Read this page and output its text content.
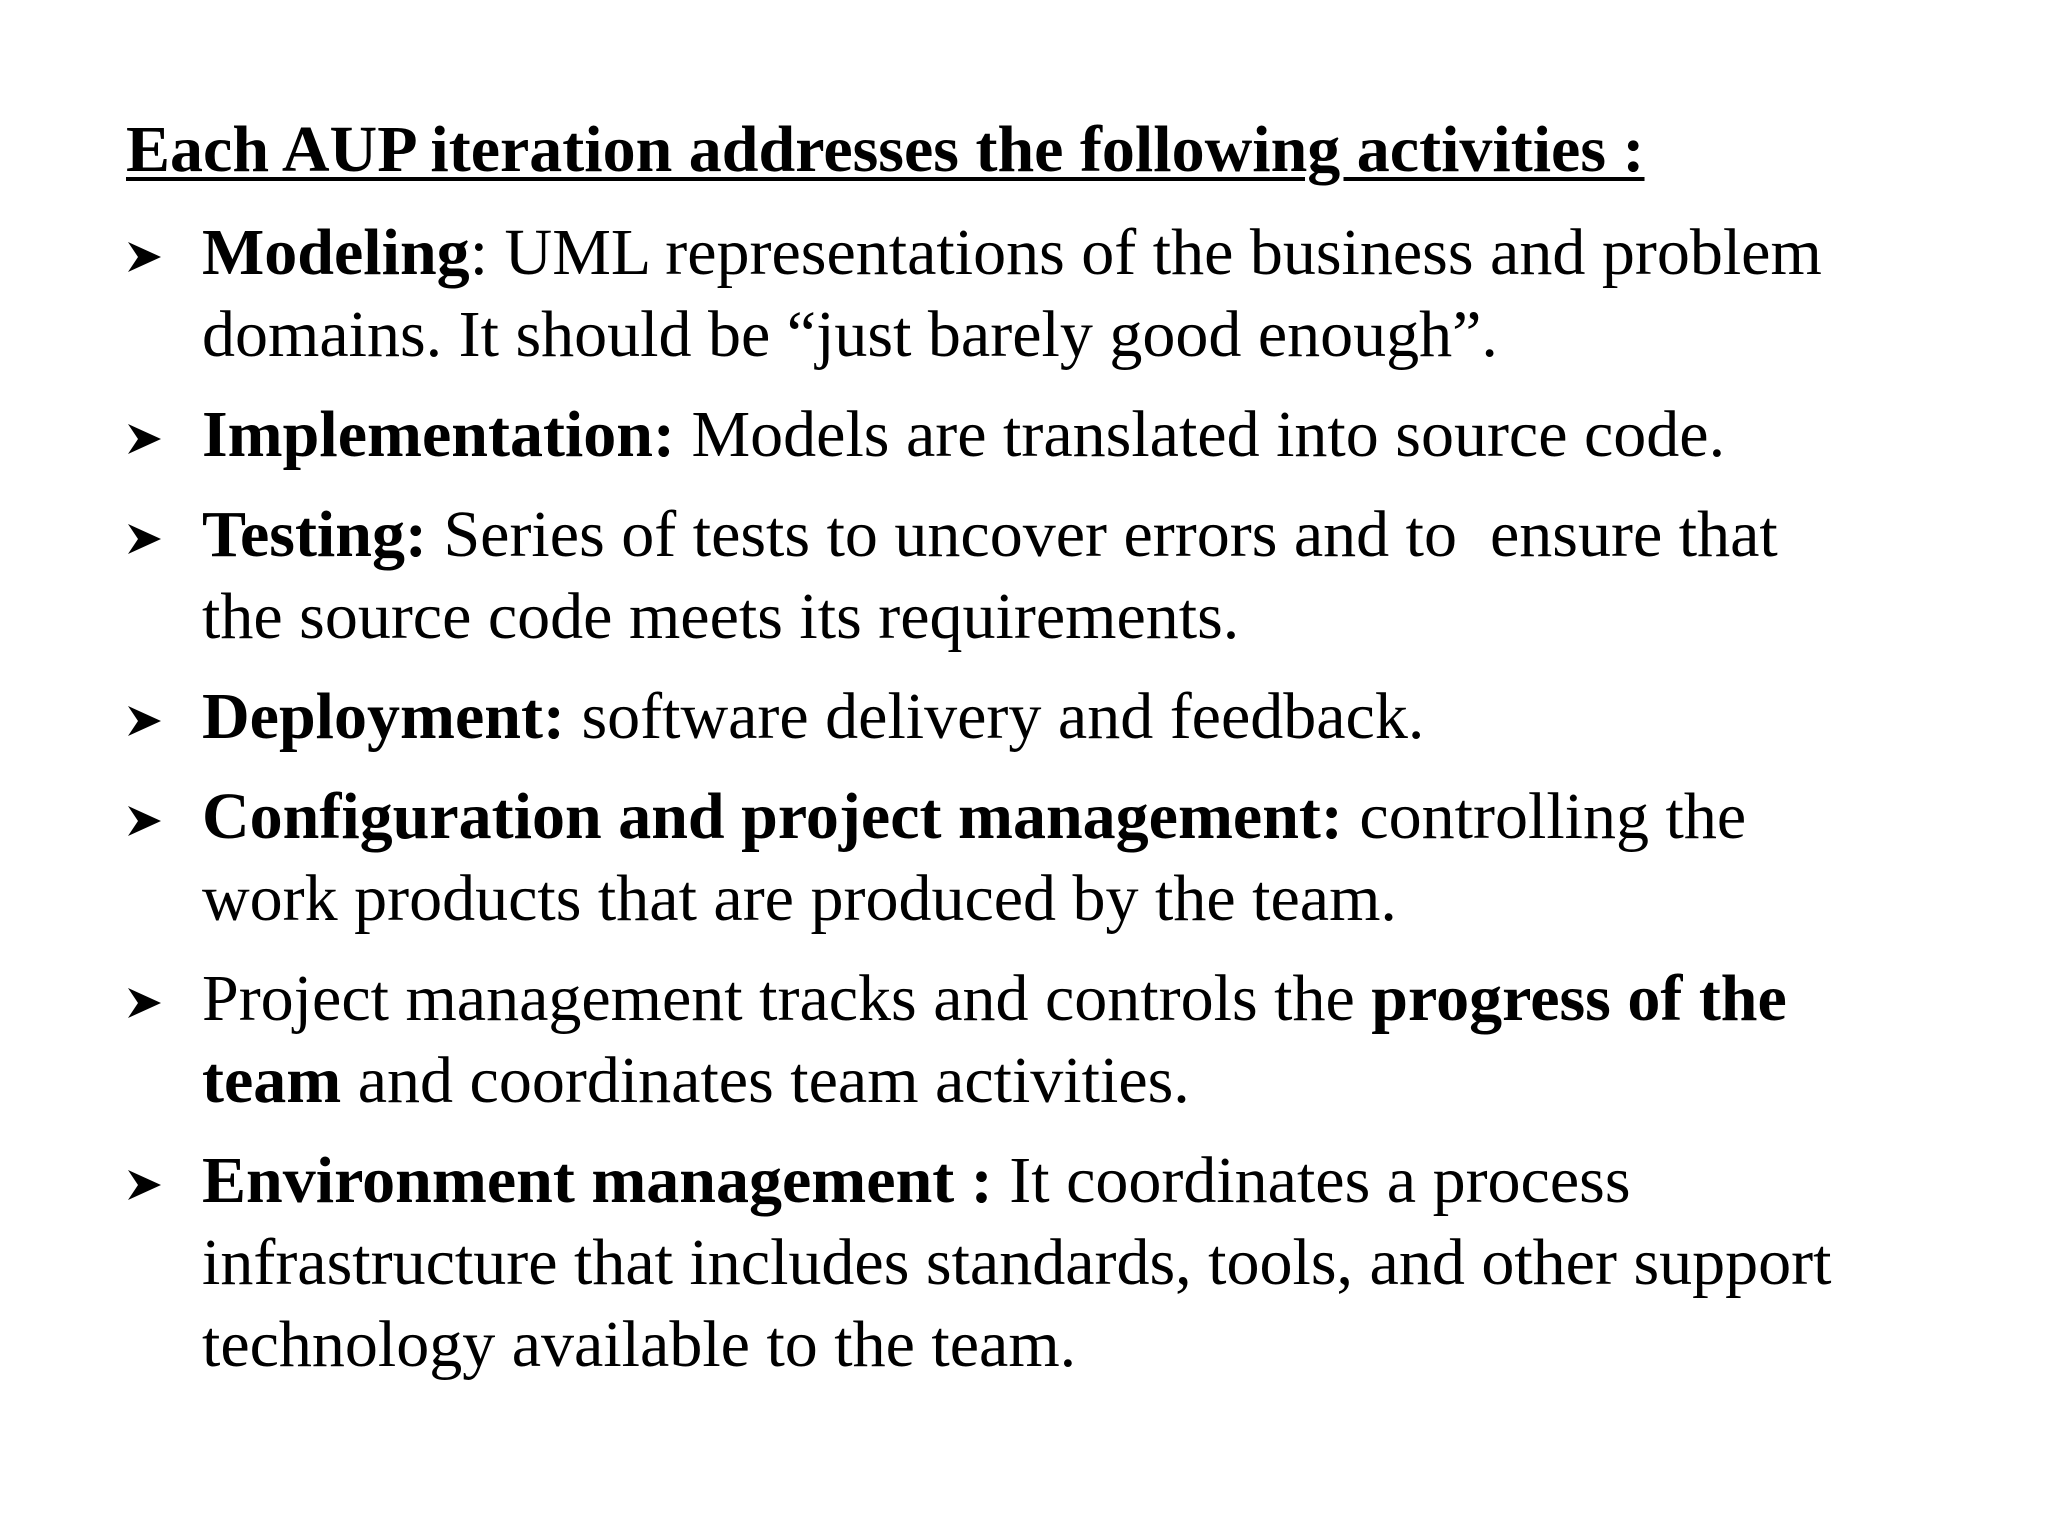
Each AUP iteration addresses the following activities :
Modeling: UML representations of the business and problem
domains. It should be “just barely good enough”.
Implementation: Models are translated into source code.
Testing: Series of tests to uncover errors and to  ensure that
the source code meets its requirements.
Deployment: software delivery and feedback.
Configuration and project management: controlling the
work products that are produced by the team.
Project management tracks and controls the progress of the
team and coordinates team activities.
Environment management : It coordinates a process
infrastructure that includes standards, tools, and other support
technology available to the team.
